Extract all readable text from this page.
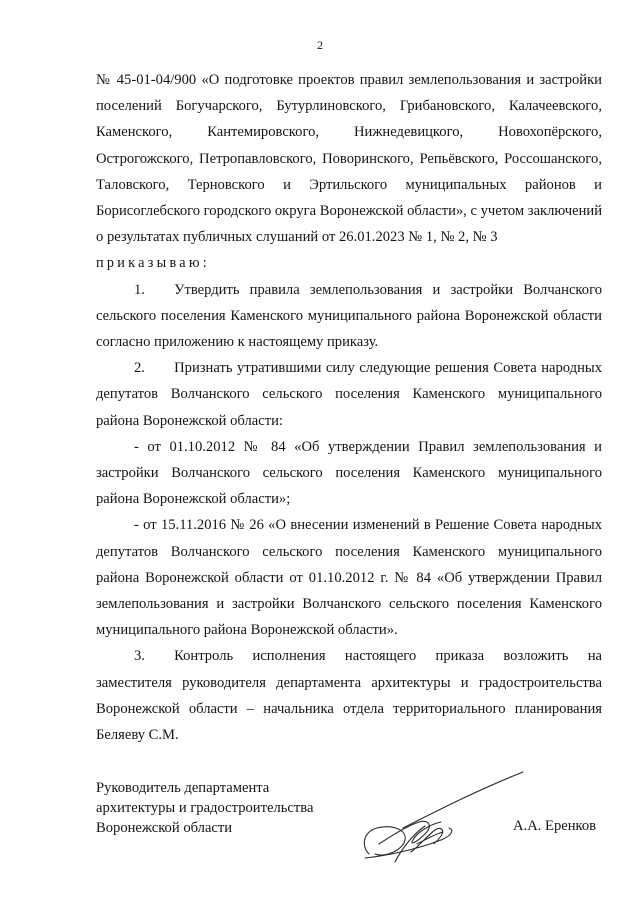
2

№ 45-01-04/900 «О подготовке проектов правил землепользования и застройки поселений Богучарского, Бутурлиновского, Грибановского, Калачеевского, Каменского, Кантемировского, Нижнедевицкого, Новохопёрского, Острогожского, Петропавловского, Поворинского, Репьёвского, Россошанского, Таловского, Терновского и Эртильского муниципальных районов и Борисоглебского городского округа Воронежской области», с учетом заключений о результатах публичных слушаний от 26.01.2023 № 1, № 2, № 3

приказываю:

1.  Утвердить правила землепользования и застройки Волчанского сельского поселения Каменского муниципального района Воронежской области согласно приложению к настоящему приказу.

2.  Признать утратившими силу следующие решения Совета народных депутатов Волчанского сельского поселения Каменского муниципального района Воронежской области:

- от 01.10.2012 № 84 «Об утверждении Правил землепользования и застройки Волчанского сельского поселения Каменского муниципального района Воронежской области»;

- от 15.11.2016 № 26 «О внесении изменений в Решение Совета народных депутатов Волчанского сельского поселения Каменского муниципального района Воронежской области от 01.10.2012 г. № 84 «Об утверждении Правил землепользования и застройки Волчанского сельского поселения Каменского муниципального района Воронежской области».

3.  Контроль исполнения настоящего приказа возложить на заместителя руководителя департамента архитектуры и градостроительства Воронежской области – начальника отдела территориального планирования Беляеву С.М.

Руководитель департамента
архитектуры и градостроительства
Воронежской области	А.А. Еренков
